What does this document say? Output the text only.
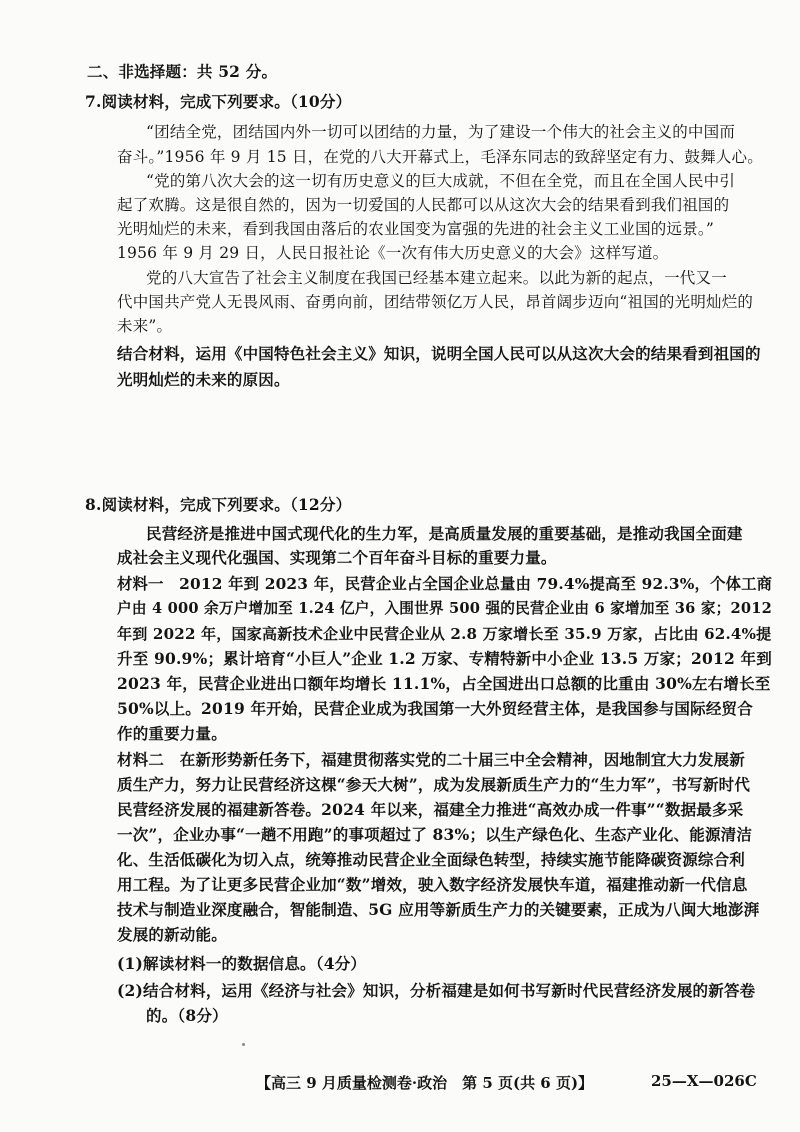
二、非选择题：共 52 分。
7.阅读材料，完成下列要求。（10分）
“团结全党，团结国内外一切可以团结的力量，为了建设一个伟大的社会主义的中国而
奋斗。”1956 年 9 月 15 日，在党的八大开幕式上，毛泽东同志的致辞坚定有力、鼓舞人心。
“党的第八次大会的这一切有历史意义的巨大成就，不但在全党，而且在全国人民中引
起了欢腾。这是很自然的，因为一切爱国的人民都可以从这次大会的结果看到我们祖国的
光明灿烂的未来，看到我国由落后的农业国变为富强的先进的社会主义工业国的远景。”
1956 年 9 月 29 日，人民日报社论《一次有伟大历史意义的大会》这样写道。
党的八大宣告了社会主义制度在我国已经基本建立起来。以此为新的起点，一代又一
代中国共产党人无畏风雨、奋勇向前，团结带领亿万人民，昂首阔步迈向“祖国的光明灿烂的
未来”。
结合材料，运用《中国特色社会主义》知识，说明全国人民可以从这次大会的结果看到祖国的
光明灿烂的未来的原因。
8.阅读材料，完成下列要求。（12分）
民营经济是推进中国式现代化的生力军，是高质量发展的重要基础，是推动我国全面建
成社会主义现代化强国、实现第二个百年奋斗目标的重要力量。
材料一　2012 年到 2023 年，民营企业占全国企业总量由 79.4%提高至 92.3%，个体工商
户由 4 000 余万户增加至 1.24 亿户，入围世界 500 强的民营企业由 6 家增加至 36 家；2012
年到 2022 年，国家高新技术企业中民营企业从 2.8 万家增长至 35.9 万家，占比由 62.4%提
升至 90.9%；累计培育“小巨人”企业 1.2 万家、专精特新中小企业 13.5 万家；2012 年到
2023 年，民营企业进出口额年均增长 11.1%，占全国进出口总额的比重由 30%左右增长至
50%以上。2019 年开始，民营企业成为我国第一大外贸经营主体，是我国参与国际经贸合
作的重要力量。
材料二　在新形势新任务下，福建贯彻落实党的二十届三中全会精神，因地制宜大力发展新
质生产力，努力让民营经济这棵“参天大树”，成为发展新质生产力的“生力军”，书写新时代
民营经济发展的福建新答卷。2024 年以来，福建全力推进“高效办成一件事”“数据最多采
一次”，企业办事“一趟不用跑”的事项超过了 83%；以生产绿色化、生态产业化、能源清洁
化、生活低碳化为切入点，统筹推动民营企业全面绿色转型，持续实施节能降碳资源综合利
用工程。为了让更多民营企业加“数”增效，驶入数字经济发展快车道，福建推动新一代信息
技术与制造业深度融合，智能制造、5G 应用等新质生产力的关键要素，正成为八闽大地澎湃
发展的新动能。
(1)解读材料一的数据信息。（4分）
(2)结合材料，运用《经济与社会》知识，分析福建是如何书写新时代民营经济发展的新答卷
的。（8分）
【高三 9 月质量检测卷·政治　第 5 页(共 6 页)】	25—X—026C
